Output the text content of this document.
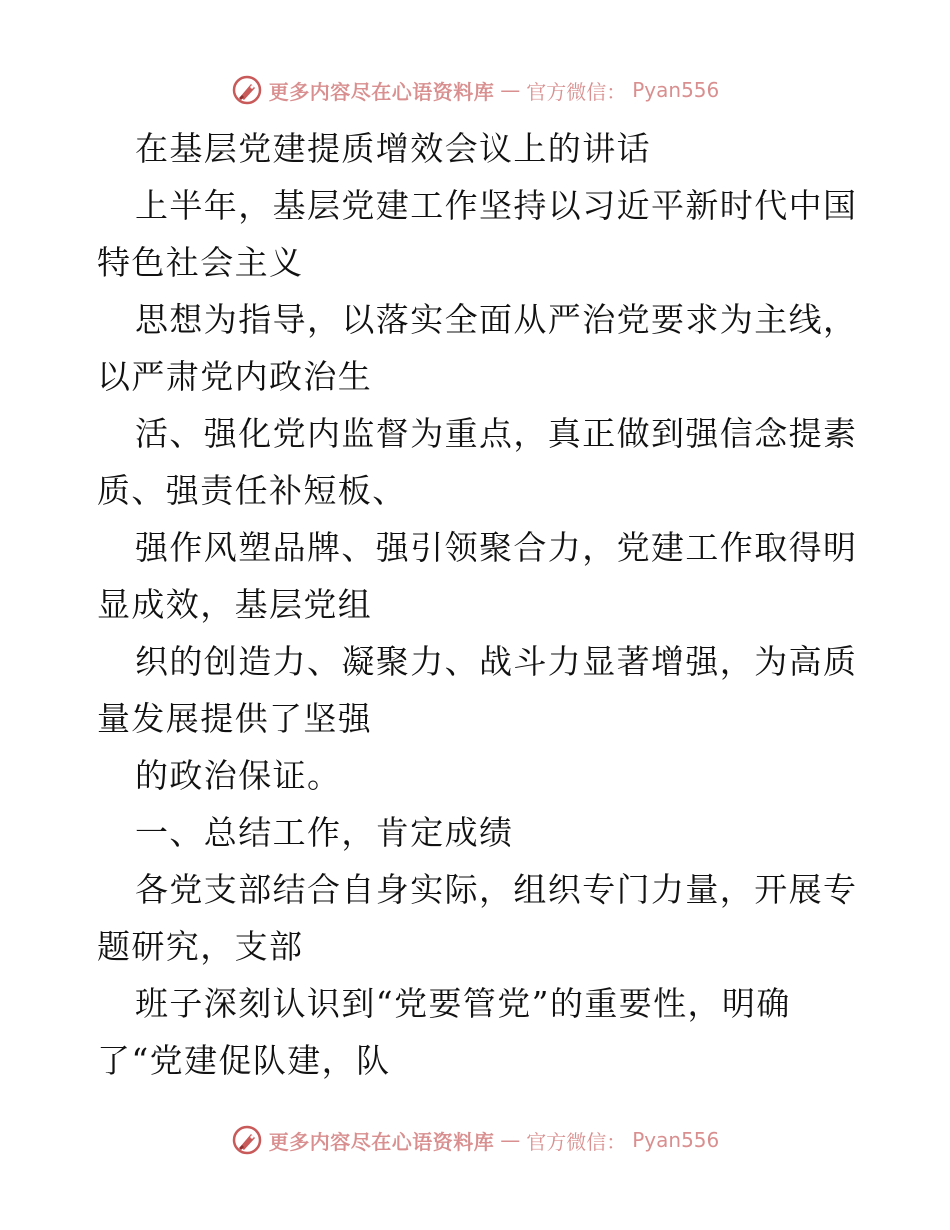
更多内容尽在心语资料库 — 官方微信： Pyan556
在基层党建提质增效会议上的讲话
上半年，基层党建工作坚持以习近平新时代中国
特色社会主义
思想为指导，以落实全面从严治党要求为主线，
以严肃党内政治生
活、强化党内监督为重点，真正做到强信念提素
质、强责任补短板、
强作风塑品牌、强引领聚合力，党建工作取得明
显成效，基层党组
织的创造力、凝聚力、战斗力显著增强，为高质
量发展提供了坚强
的政治保证。
一、总结工作，肯定成绩
各党支部结合自身实际，组织专门力量，开展专
题研究，支部
班子深刻认识到“党要管党”的重要性，明确
了“党建促队建，队
更多内容尽在心语资料库 — 官方微信： Pyan556
